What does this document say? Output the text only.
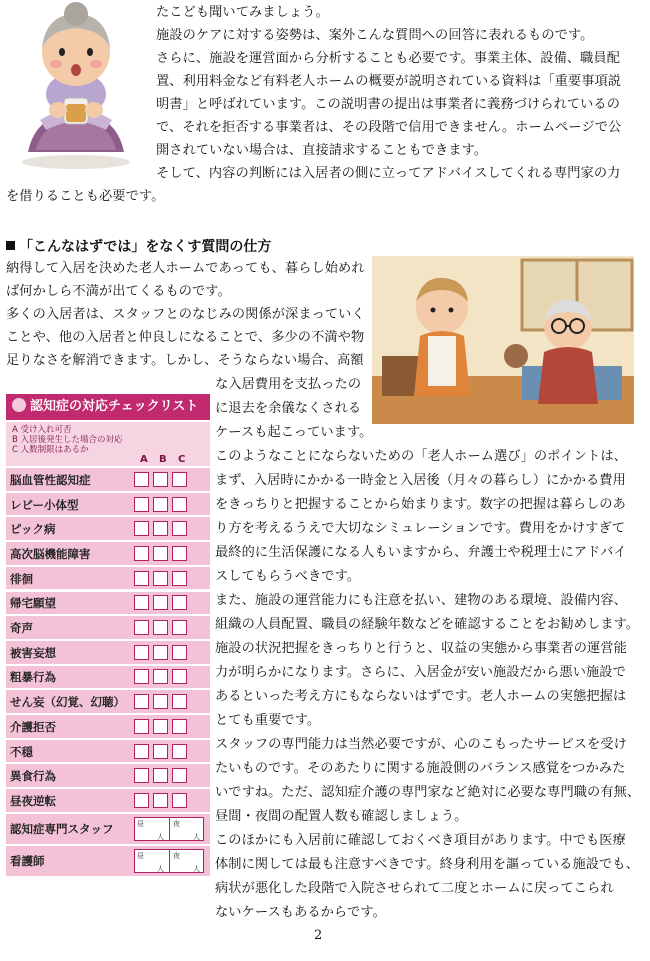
たこども聞いてみましょう。
施設のケアに対する姿勢は、案外こんな質問への回答に表れるものです。
さらに、施設を運営面から分析することも必要です。事業主体、設備、職員配
置、利用料金など有料老人ホームの概要が説明されている資料は「重要事項説
明書」と呼ばれています。この説明書の提出は事業者に義務づけられているの
で、それを拒否する事業者は、その段階で信用できません。ホームページで公
開されていない場合は、直接請求することもできます。
そして、内容の判断には入居者の側に立ってアドバイスしてくれる専門家の力
を借りることも必要です。
「こんなはずでは」をなくす質問の仕方
納得して入居を決めた老人ホームであっても、暮らし始めれ
ば何かしら不満が出てくるものです。
多くの入居者は、スタッフとのなじみの関係が深まっていく
ことや、他の入居者と仲良しになることで、多少の不満や物
足りなさを解消できます。しかし、そうならない場合、高額
な入居費用を支払ったの
に退去を余儀なくされる
ケースも起こっています。
このようなことにならないための「老人ホーム選び」のポイントは、
まず、入居時にかかる一時金と入居後（月々の暮らし）にかかる費用
をきっちりと把握することから始まります。数字の把握は暮らしのあ
り方を考えるうえで大切なシミュレーションです。費用をかけすぎて
最終的に生活保護になる人もいますから、弁護士や税理士にアドバイ
スしてもらうべきです。
また、施設の運営能力にも注意を払い、建物のある環境、設備内容、
組織の人員配置、職員の経験年数などを確認することをお勧めします。
施設の状況把握をきっちりと行うと、収益の実態から事業者の運営能
力が明らかになります。さらに、入居金が安い施設だから悪い施設で
あるといった考え方にもならないはずです。老人ホームの実態把握は
とても重要です。
スタッフの専門能力は当然必要ですが、心のこもったサービスを受け
たいものです。そのあたりに関する施設側のバランス感覚をつかみた
いですね。ただ、認知症介護の専門家など絶対に必要な専門職の有無、
昼間・夜間の配置人数も確認しましょう。
このほかにも入居前に確認しておくべき項目があります。中でも医療
体制に関しては最も注意すべきです。終身利用を謳っている施設でも、
病状が悪化した段階で入院させられて二度とホームに戻ってこられ
ないケースもあるからです。
認知症の対応チェックリスト
A 受け入れ可否
B 入居後発生した場合の対応
C 人数制限はあるか
A B C
脳血管性認知症
レビー小体型
ピック病
高次脳機能障害
徘徊
帰宅願望
奇声
被害妄想
粗暴行為
せん妄（幻覚、幻聴）
介護拒否
不穏
異食行為
昼夜逆転
認知症専門スタッフ	昼
人
夜
人
看護師	昼
人
夜
人
2
